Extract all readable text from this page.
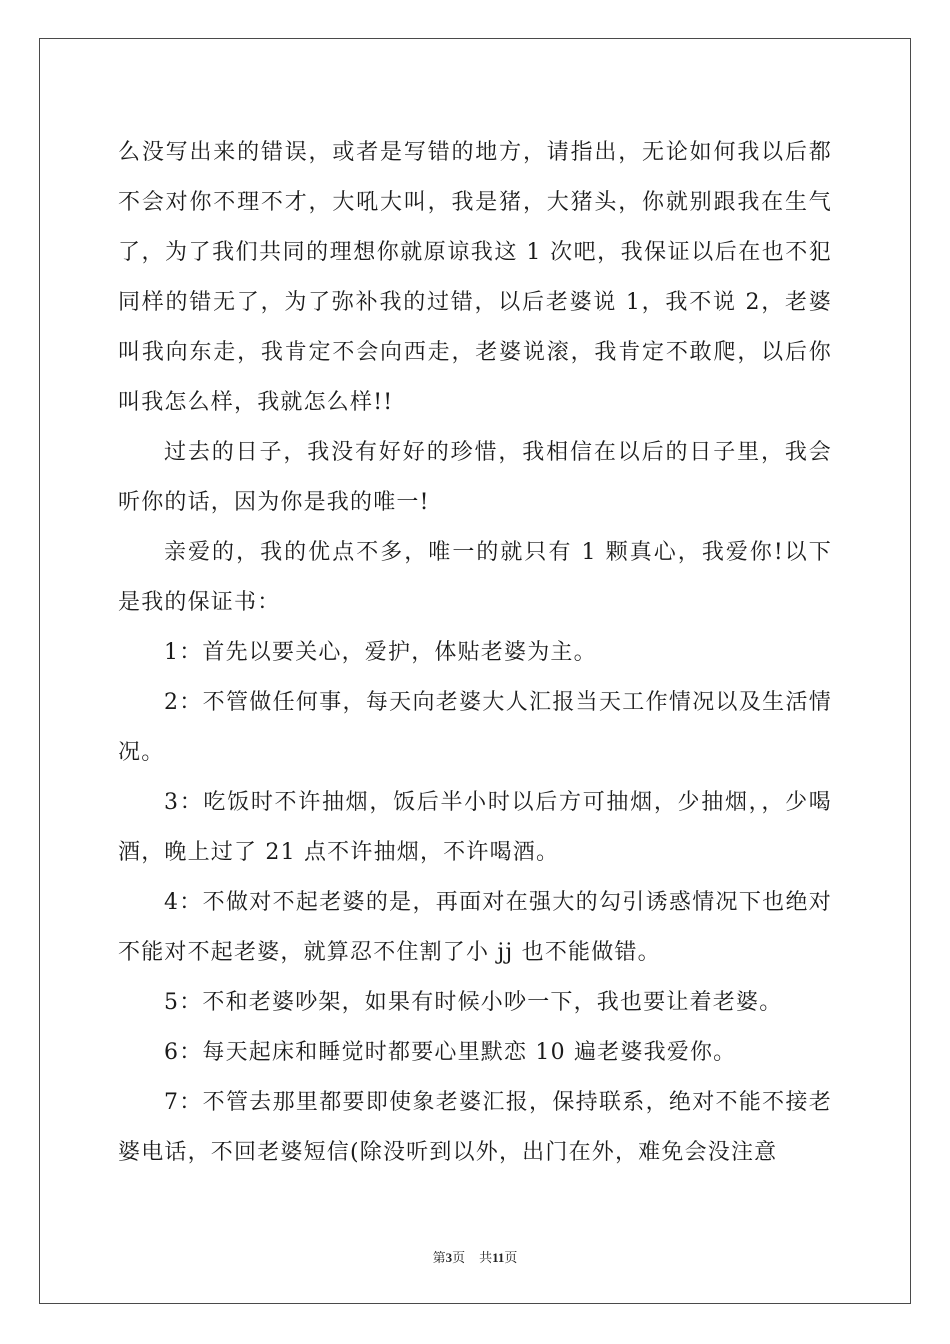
么没写出来的错误，或者是写错的地方，请指出，无论如何我以后都不会对你不理不才，大吼大叫，我是猪，大猪头，你就别跟我在生气了，为了我们共同的理想你就原谅我这 1 次吧，我保证以后在也不犯同样的错无了，为了弥补我的过错，以后老婆说 1，我不说 2，老婆叫我向东走，我肯定不会向西走，老婆说滚，我肯定不敢爬，以后你叫我怎么样，我就怎么样!!

过去的日子，我没有好好的珍惜，我相信在以后的日子里，我会听你的话，因为你是我的唯一!

亲爱的，我的优点不多，唯一的就只有 1 颗真心，我爱你!以下是我的保证书：

1：首先以要关心，爱护，体贴老婆为主。

2：不管做任何事，每天向老婆大人汇报当天工作情况以及生活情况。

3：吃饭时不许抽烟，饭后半小时以后方可抽烟，少抽烟，，少喝酒，晚上过了 21 点不许抽烟，不许喝酒。

4：不做对不起老婆的是，再面对在强大的勾引诱惑情况下也绝对不能对不起老婆，就算忍不住割了小 jj 也不能做错。

5：不和老婆吵架，如果有时候小吵一下，我也要让着老婆。

6：每天起床和睡觉时都要心里默恋 10 遍老婆我爱你。

7：不管去那里都要即使象老婆汇报，保持联系，绝对不能不接老婆电话，不回老婆短信(除没听到以外，出门在外，难免会没注意

第3页 共11页
